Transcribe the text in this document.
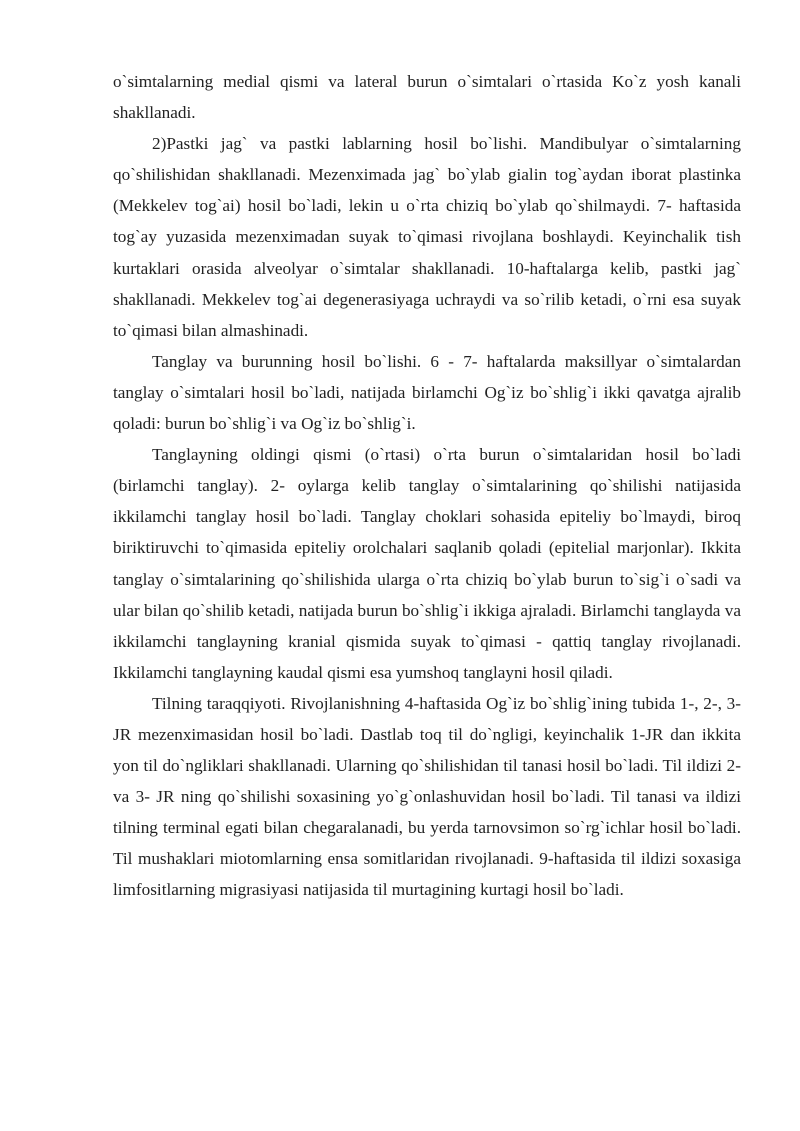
o`simtalarning medial qismi va lateral burun o`simtalari o`rtasida Ko`z yosh kanali shakllanadi.

2)Pastki jag` va pastki lablarning hosil bo`lishi. Mandibulyar o`simtalarning qo`shilishidan shakllanadi. Mezenximada jag` bo`ylab gialin tog`aydan iborat plastinka (Mekkelev tog`ai) hosil bo`ladi, lekin u o`rta chiziq bo`ylab qo`shilmaydi. 7- haftasida tog`ay yuzasida mezenximadan suyak to`qimasi rivojlana boshlaydi. Keyinchalik tish kurtaklari orasida alveolyar o`simtalar shakllanadi. 10-haftalarga kelib, pastki jag` shakllanadi. Mekkelev tog`ai degenerasiyaga uchraydi va so`rilib ketadi, o`rni esa suyak to`qimasi bilan almashinadi.

Tanglay va burunning hosil bo`lishi. 6 - 7- haftalarda maksillyar o`simtalardan tanglay o`simtalari hosil bo`ladi, natijada birlamchi Og`iz bo`shlig`i ikki qavatga ajralib qoladi: burun bo`shlig`i va Og`iz bo`shlig`i.

Tanglayning oldingi qismi (o`rtasi) o`rta burun o`simtalaridan hosil bo`ladi (birlamchi tanglay). 2- oylarga kelib tanglay o`simtalarining qo`shilishi natijasida ikkilamchi tanglay hosil bo`ladi. Tanglay choklari sohasida epiteliy bo`lmaydi, biroq biriktiruvchi to`qimasida epiteliy orolchalari saqlanib qoladi (epitelial marjonlar). Ikkita tanglay o`simtalarining qo`shilishida ularga o`rta chiziq bo`ylab burun to`sig`i o`sadi va ular bilan qo`shilib ketadi, natijada burun bo`shlig`i ikkiga ajraladi. Birlamchi tanglayda va ikkilamchi tanglayning kranial qismida suyak to`qimasi - qattiq tanglay rivojlanadi. Ikkilamchi tanglayning kaudal qismi esa yumshoq tanglayni hosil qiladi.

Tilning taraqqiyoti. Rivojlanishning 4-haftasida Og`iz bo`shlig`ining tubida 1-, 2-, 3- JR mezenximasidan hosil bo`ladi. Dastlab toq til do`ngligi, keyinchalik 1-JR dan ikkita yon til do`ngliklari shakllanadi. Ularning qo`shilishidan til tanasi hosil bo`ladi. Til ildizi 2- va 3- JR ning qo`shilishi soxasining yo`g`onlashuvidan hosil bo`ladi. Til tanasi va ildizi tilning terminal egati bilan chegaralanadi, bu yerda tarnovsimon so`rg`ichlar hosil bo`ladi. Til mushaklari miotomlarning ensa somitlaridan rivojlanadi. 9-haftasida til ildizi soxasiga limfositlarning migrasiyasi natijasida til murtagining kurtagi hosil bo`ladi.
